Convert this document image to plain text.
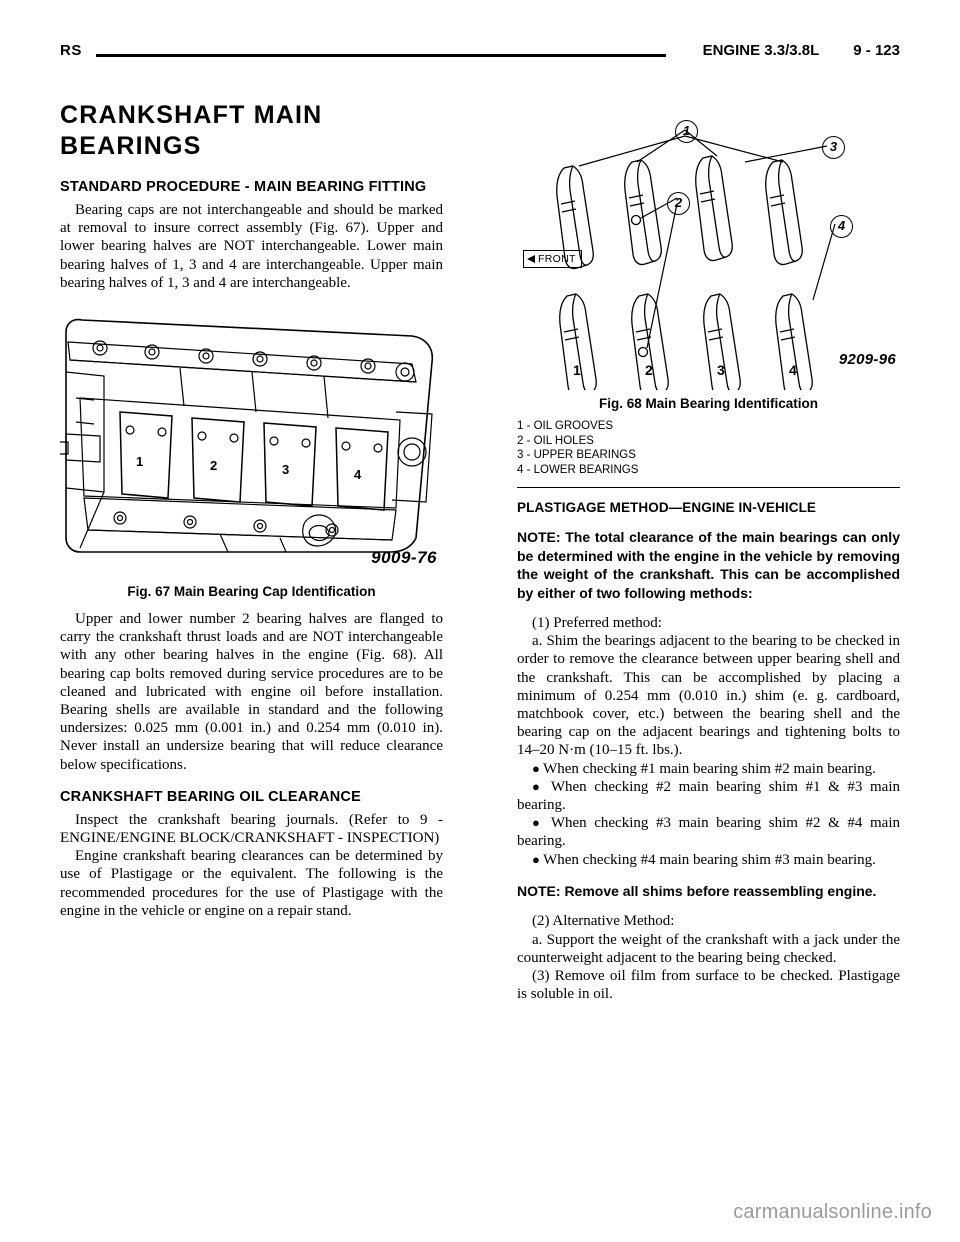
RS	ENGINE 3.3/3.8L 9 - 123
CRANKSHAFT MAIN BEARINGS
STANDARD PROCEDURE - MAIN BEARING FITTING

Bearing caps are not interchangeable and should be marked at removal to insure correct assembly (Fig. 67). Upper and lower bearing halves are NOT interchangeable. Lower main bearing halves of 1, 3 and 4 are interchangeable. Upper main bearing halves of 1, 3 and 4 are interchangeable.

1	2	3	4
9009-76

Fig. 67 Main Bearing Cap Identification

Upper and lower number 2 bearing halves are flanged to carry the crankshaft thrust loads and are NOT interchangeable with any other bearing halves in the engine (Fig. 68). All bearing cap bolts removed during service procedures are to be cleaned and lubricated with engine oil before installation. Bearing shells are available in standard and the following undersizes: 0.025 mm (0.001 in.) and 0.254 mm (0.010 in). Never install an undersize bearing that will reduce clearance below specifications.

CRANKSHAFT BEARING OIL CLEARANCE

Inspect the crankshaft bearing journals. (Refer to 9 - ENGINE/ENGINE BLOCK/CRANKSHAFT - INSPECTION)

Engine crankshaft bearing clearances can be determined by use of Plastigage or the equivalent. The following is the recommended procedures for the use of Plastigage with the engine in the vehicle or engine on a repair stand.

1
2
3
4
FRONT
1	2	3	4
9209-96

Fig. 68 Main Bearing Identification

1 - OIL GROOVES
2 - OIL HOLES
3 - UPPER BEARINGS
4 - LOWER BEARINGS

PLASTIGAGE METHOD—ENGINE IN-VEHICLE

NOTE: The total clearance of the main bearings can only be determined with the engine in the vehicle by removing the weight of the crankshaft. This can be accomplished by either of two following methods:

(1) Preferred method:

a. Shim the bearings adjacent to the bearing to be checked in order to remove the clearance between upper bearing shell and the crankshaft. This can be accomplished by placing a minimum of 0.254 mm (0.010 in.) shim (e. g. cardboard, matchbook cover, etc.) between the bearing shell and the bearing cap on the adjacent bearings and tightening bolts to 14–20 N·m (10–15 ft. lbs.).

● When checking #1 main bearing shim #2 main bearing.

● When checking #2 main bearing shim #1 & #3 main bearing.

● When checking #3 main bearing shim #2 & #4 main bearing.

● When checking #4 main bearing shim #3 main bearing.

NOTE: Remove all shims before reassembling engine.

(2) Alternative Method:

a. Support the weight of the crankshaft with a jack under the counterweight adjacent to the bearing being checked.

(3) Remove oil film from surface to be checked. Plastigage is soluble in oil.

carmanualsonline.info
